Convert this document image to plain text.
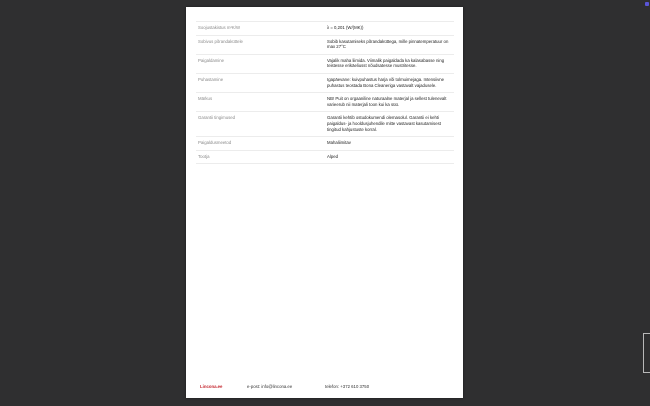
Soojustakistus m²K/W	λ = 0,201 (W/(MK))
Sobivus põrandaküttele	Sobib kasutamiseks põrandaküttega, mille pinnatemperatuur on max 27°C
Paigaldamine	Vajalik maha liimida. Viimalik paigaldada ka kalasabasse ning teistesse erikäeliusst nõudsatesse mustritesse.
Puhastamine	Igapäevane: kuivpuhastus harja või tolmuimejaga. Intensiivne puhastus teostada Bona Cleaneriga vastavalt vajadusele.
Märkus	NB! Puit on orgaaniline naturaalne materjal ja sellest tulenevalt varieerub nii materjali toon kui ka süü.
Garantii tingimused	Garantii kehtib ostudokumendi olemasolul. Garantii ei kehti paigaldus- ja hooldusjuhendile mitte vastavast kasutamisest tingitud kahjustuste korral.
Paigaldusmeetod	Mahaliimitav
Tootja	Alped
Lincona.ee	e-post: info@lincona.ee	telefon: +372 610 3750
